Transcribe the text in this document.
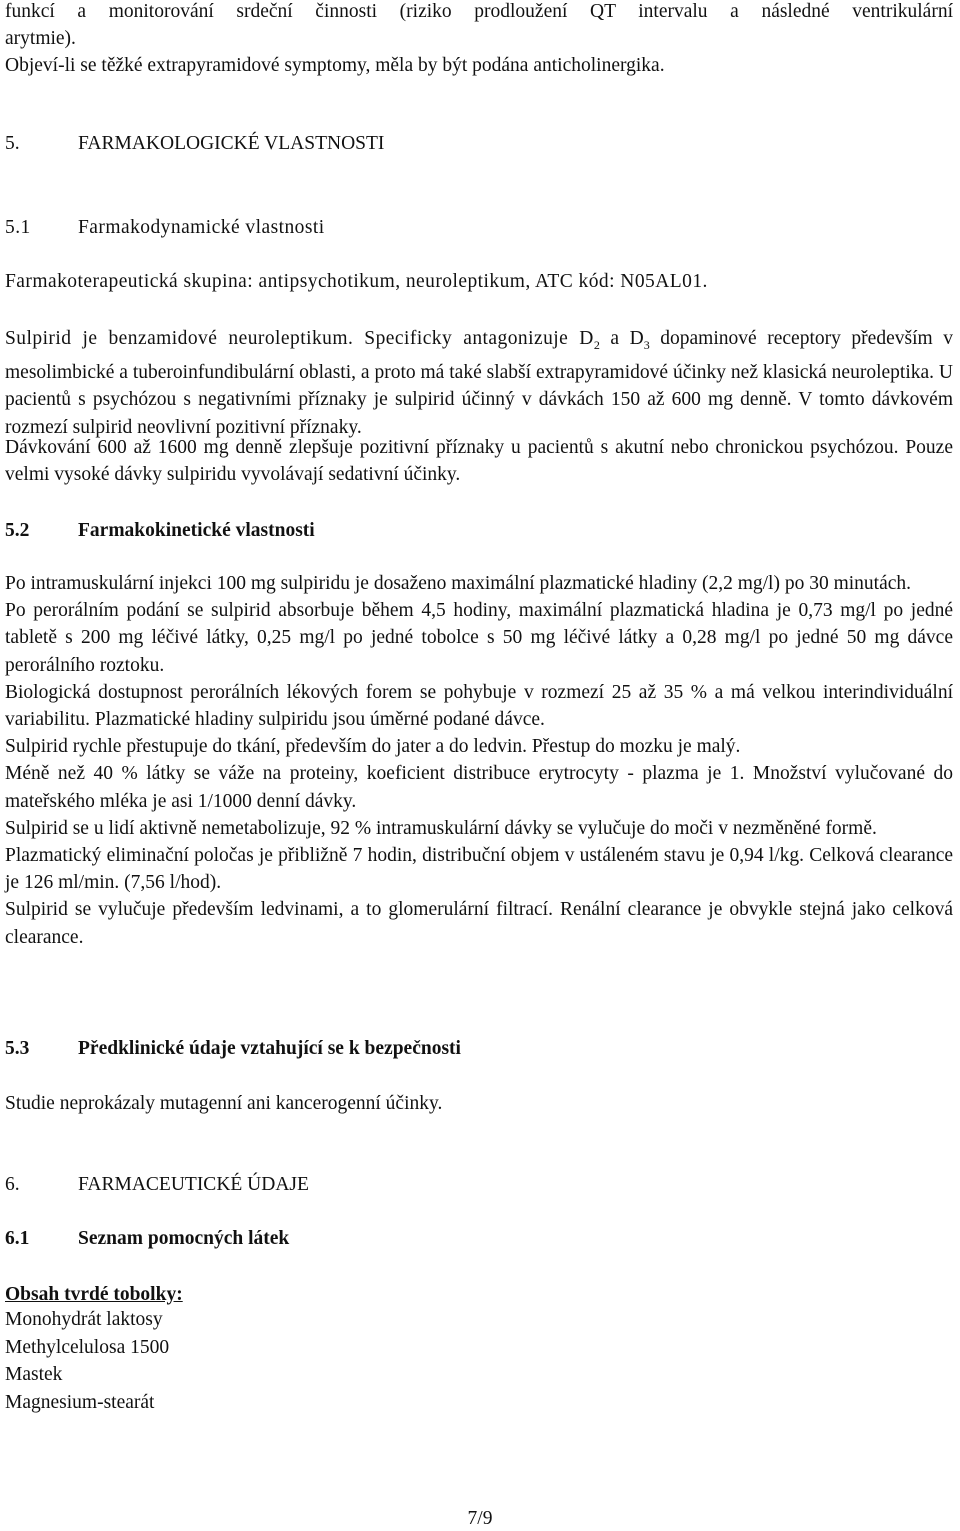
funkcí a monitorování srdeční činnosti (riziko prodloužení QT intervalu a následné ventrikulární

arytmie).

Objeví-li se těžké extrapyramidové symptomy, měla by být podána anticholinergika.

5.	FARMAKOLOGICKÉ VLASTNOSTI
5.1 Farmakodynamické vlastnosti

Farmakoterapeutická skupina: antipsychotikum, neuroleptikum, ATC kód: N05AL01.

Sulpirid je benzamidové neuroleptikum. Specificky antagonizuje $D_2$ a $D_3$ dopaminové receptory především v mesolimbické a tuberoinfundibulární oblasti, a proto má také slabší extrapyramidové účinky než klasická neuroleptika. U pacientů s psychózou s negativními příznaky je sulpirid účinný v dávkách 150 až 600 mg denně. V tomto dávkovém rozmezí sulpirid neovlivní pozitivní příznaky.

Dávkování 600 až 1600 mg denně zlepšuje pozitivní příznaky u pacientů s akutní nebo chronickou psychózou. Pouze velmi vysoké dávky sulpiridu vyvolávají sedativní účinky.

5.2 Farmakokinetické vlastnosti

Po intramuskulární injekci 100 mg sulpiridu je dosaženo maximální plazmatické hladiny (2,2 mg/l) po 30 minutách.

Po perorálním podání se sulpirid absorbuje během 4,5 hodiny, maximální plazmatická hladina je 0,73 mg/l po jedné tabletě s 200 mg léčivé látky, 0,25 mg/l po jedné tobolce s 50 mg léčivé látky a 0,28 mg/l po jedné 50 mg dávce perorálního roztoku.

Biologická dostupnost perorálních lékových forem se pohybuje v rozmezí 25 až 35 % a má velkou interindividuální variabilitu. Plazmatické hladiny sulpiridu jsou úměrné podané dávce.

Sulpirid rychle přestupuje do tkání, především do jater a do ledvin. Přestup do mozku je malý.

Méně než 40 % látky se váže na proteiny, koeficient distribuce erytrocyty - plazma je 1. Množství vylučované do mateřského mléka je asi 1/1000 denní dávky.

Sulpirid se u lidí aktivně nemetabolizuje, 92 % intramuskulární dávky se vylučuje do moči v nezměněné formě.

Plazmatický eliminační poločas je přibližně 7 hodin, distribuční objem v ustáleném stavu je 0,94 l/kg. Celková clearance je 126 ml/min. (7,56 l/hod).

Sulpirid se vylučuje především ledvinami, a to glomerulární filtrací. Renální clearance je obvykle stejná jako celková clearance.

5.3 Předklinické údaje vztahující se k bezpečnosti

Studie neprokázaly mutagenní ani kancerogenní účinky.

6.	FARMACEUTICKÉ ÚDAJE
6.1 Seznam pomocných látek

Obsah tvrdé tobolky:

Monohydrát laktosy

Methylcelulosa 1500

Mastek

Magnesium-stearát

7/9
